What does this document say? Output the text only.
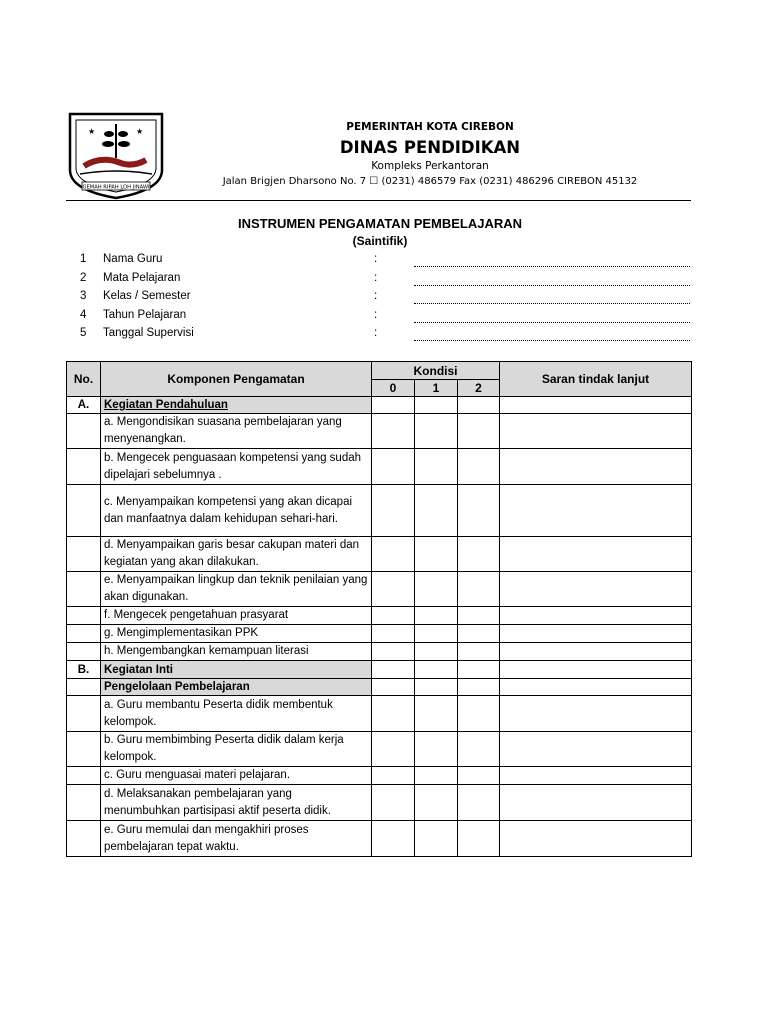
★	★
GEMAH RIPAH LOH JINAWI
PEMERINTAH KOTA CIREBON
DINAS PENDIDIKAN
Kompleks Perkantoran
Jalan Brigjen Dharsono No. 7 ☐ (0231) 486579 Fax (0231) 486296 CIREBON 45132
INSTRUMEN PENGAMATAN PEMBELAJARAN
(Saintifik)
1 Nama Guru	:
2 Mata Pelajaran	:
3 Kelas / Semester	:
4 Tahun Pelajaran	:
5 Tanggal Supervisi	:
No.	Komponen Pengamatan	Kondisi			Saran tindak lanjut
		0	1	2	
A.	Kegiatan Pendahuluan				
	a. Mengondisikan suasana pembelajaran yang menyenangkan.				
	b. Mengecek penguasaan kompetensi yang sudah dipelajari sebelumnya .				
	c. Menyampaikan kompetensi yang akan dicapai dan manfaatnya dalam kehidupan sehari-hari.				
	d. Menyampaikan garis besar cakupan materi dan kegiatan yang akan dilakukan.				
	e. Menyampaikan lingkup dan teknik penilaian yang akan digunakan.				
	f. Mengecek pengetahuan prasyarat				
	g. Mengimplementasikan PPK				
	h. Mengembangkan kemampuan literasi				
B.	Kegiatan Inti				
	Pengelolaan Pembelajaran				
	a. Guru membantu Peserta didik membentuk kelompok.				
	b. Guru membimbing Peserta didik dalam kerja kelompok.				
	c. Guru menguasai materi pelajaran.				
	d. Melaksanakan pembelajaran yang menumbuhkan partisipasi aktif peserta didik.				
	e. Guru memulai dan mengakhiri proses pembelajaran tepat waktu.				
